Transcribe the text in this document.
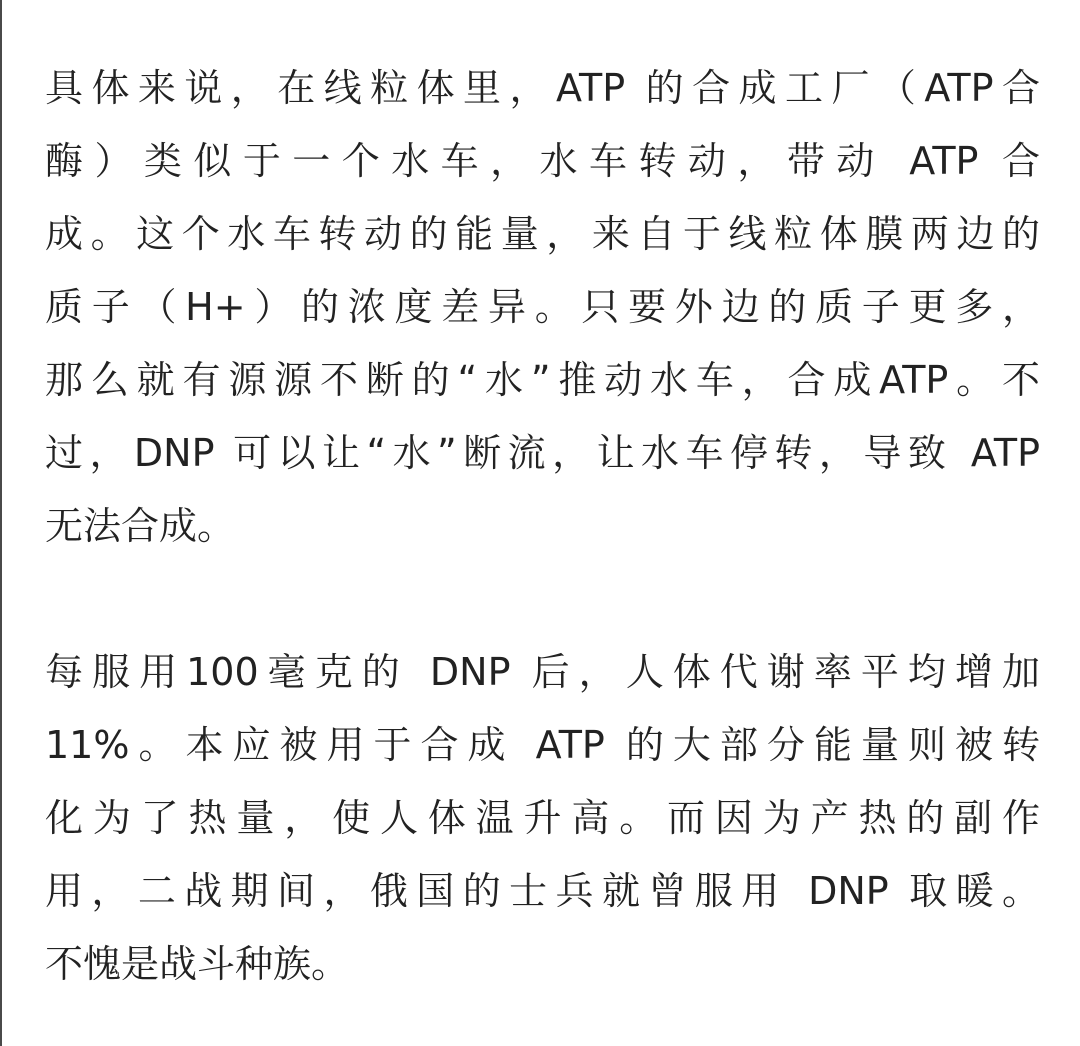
具体来说，在线粒体里，ATP 的合成工厂（ATP合
酶）类似于一个水车，水车转动，带动 ATP 合
成。这个水车转动的能量，来自于线粒体膜两边的
质子（H+）的浓度差异。只要外边的质子更多，
那么就有源源不断的“水”推动水车，合成ATP。不
过，DNP 可以让“水”断流，让水车停转，导致 ATP
无法合成。
每服用100毫克的 DNP 后，人体代谢率平均增加
11%。本应被用于合成 ATP 的大部分能量则被转
化为了热量，使人体温升高。而因为产热的副作
用，二战期间，俄国的士兵就曾服用 DNP 取暖。
不愧是战斗种族。
